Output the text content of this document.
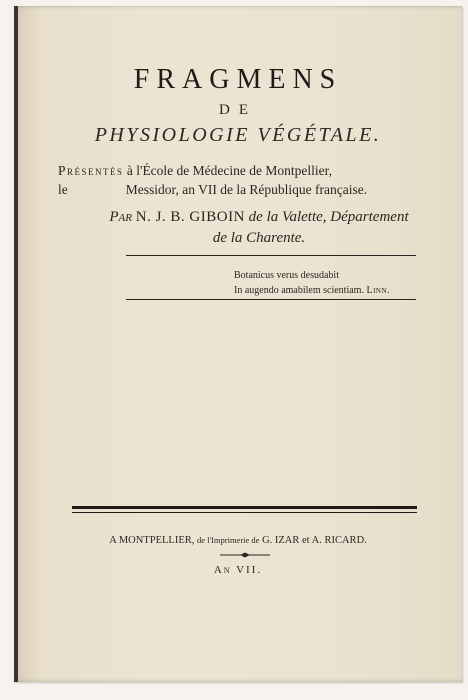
FRAGMENS
DE
PHYSIOLOGIE VÉGÉTALE.
Présentés à l'École de Médecine de Montpellier,
le	Messidor, an VII de la République française.
Par N. J. B. GIBOIN de la Valette, Département
de la Charente.
Botanicus verus desudabit
In augendo amabilem scientiam. Linn.
A MONTPELLIER, de l'Imprimerie de G. IZAR et A. RICARD.
An VII.
